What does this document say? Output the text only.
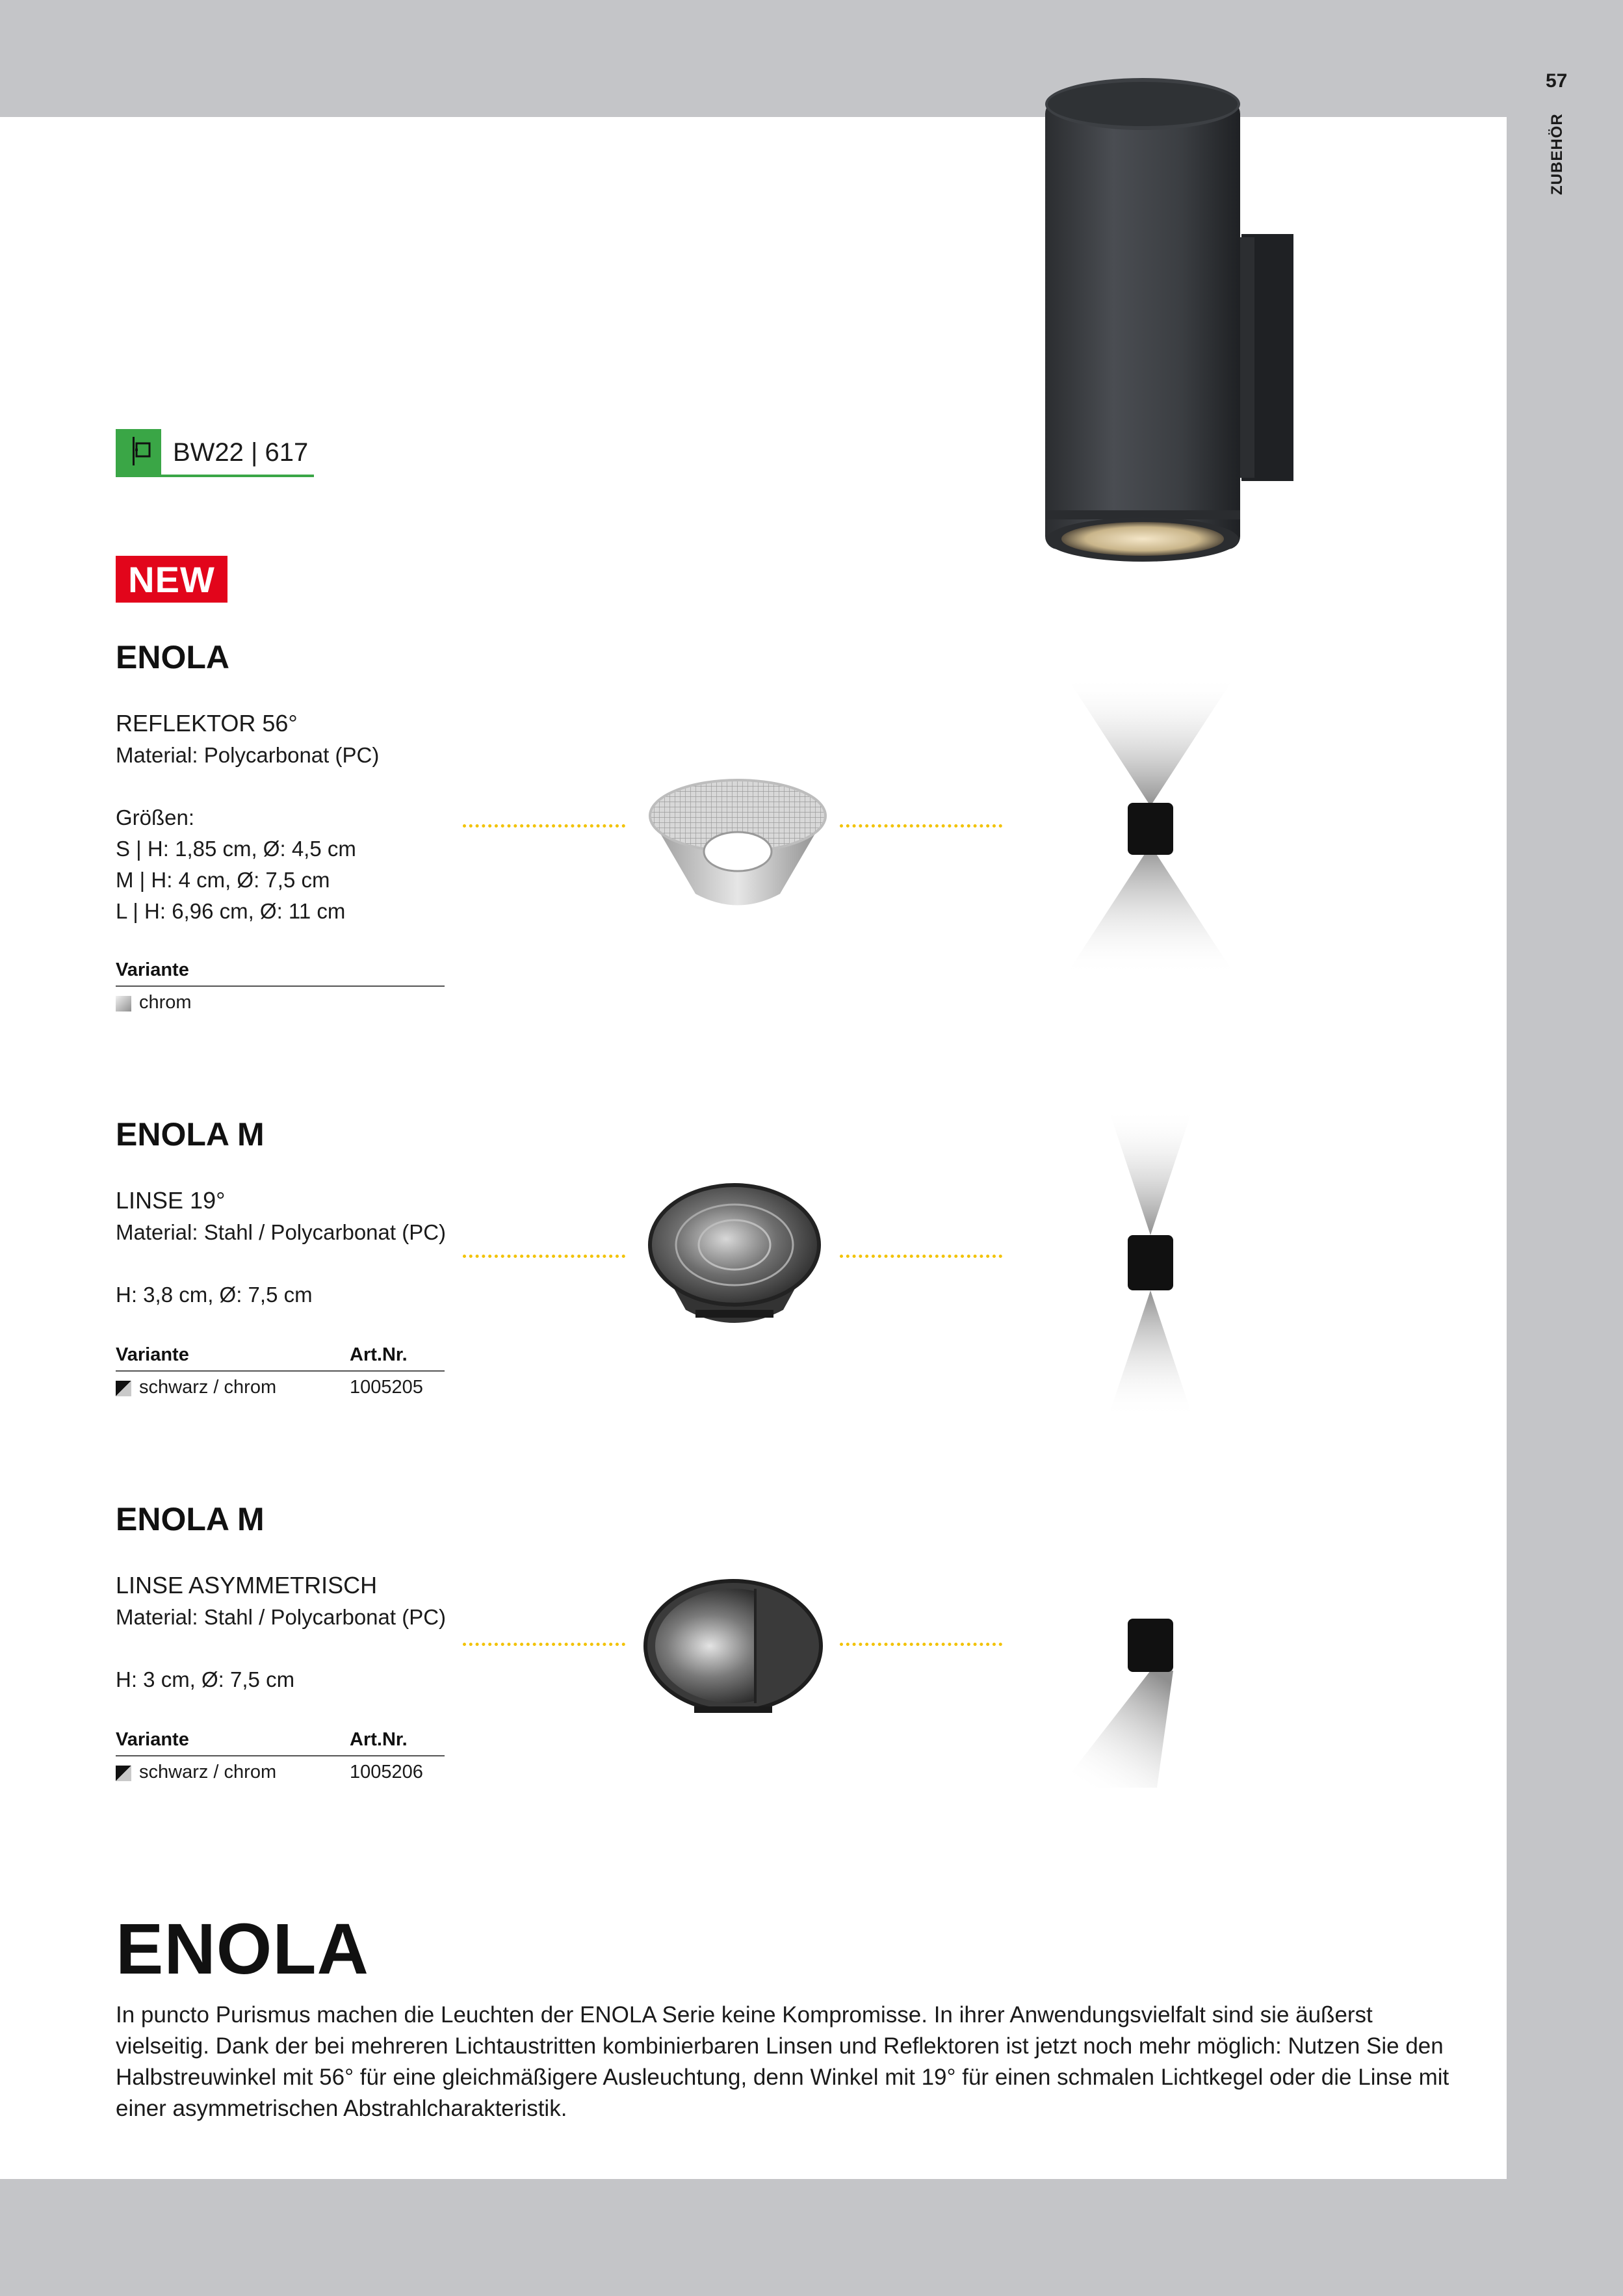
57
ZUBEHÖR
BW22 | 617
NEW
ENOLA
REFLEKTOR 56°
Material: Polycarbonat (PC)
Größen:
S | H: 1,85 cm, Ø: 4,5 cm
M | H: 4 cm, Ø: 7,5 cm
L | H: 6,96 cm, Ø: 11 cm
Variante
chrom
ENOLA M
LINSE 19°
Material: Stahl / Polycarbonat (PC)
H: 3,8 cm, Ø: 7,5 cm
Variante	Art.Nr.
schwarz / chrom	1005205
ENOLA M
LINSE ASYMMETRISCH
Material: Stahl / Polycarbonat (PC)
H: 3 cm, Ø: 7,5 cm
Variante	Art.Nr.
schwarz / chrom	1005206
ENOLA
In puncto Purismus machen die Leuchten der ENOLA Serie keine Kompromisse. In ihrer Anwendungsvielfalt sind sie äußerst vielseitig. Dank der bei mehreren Lichtaustritten kombinierbaren Linsen und Reflektoren ist jetzt noch mehr möglich: Nutzen Sie den Halbstreuwinkel mit 56° für eine gleichmäßigere Ausleuchtung, denn Winkel mit 19° für einen schmalen Lichtkegel oder die Linse mit einer asymmetrischen Abstrahlcharakteristik.
